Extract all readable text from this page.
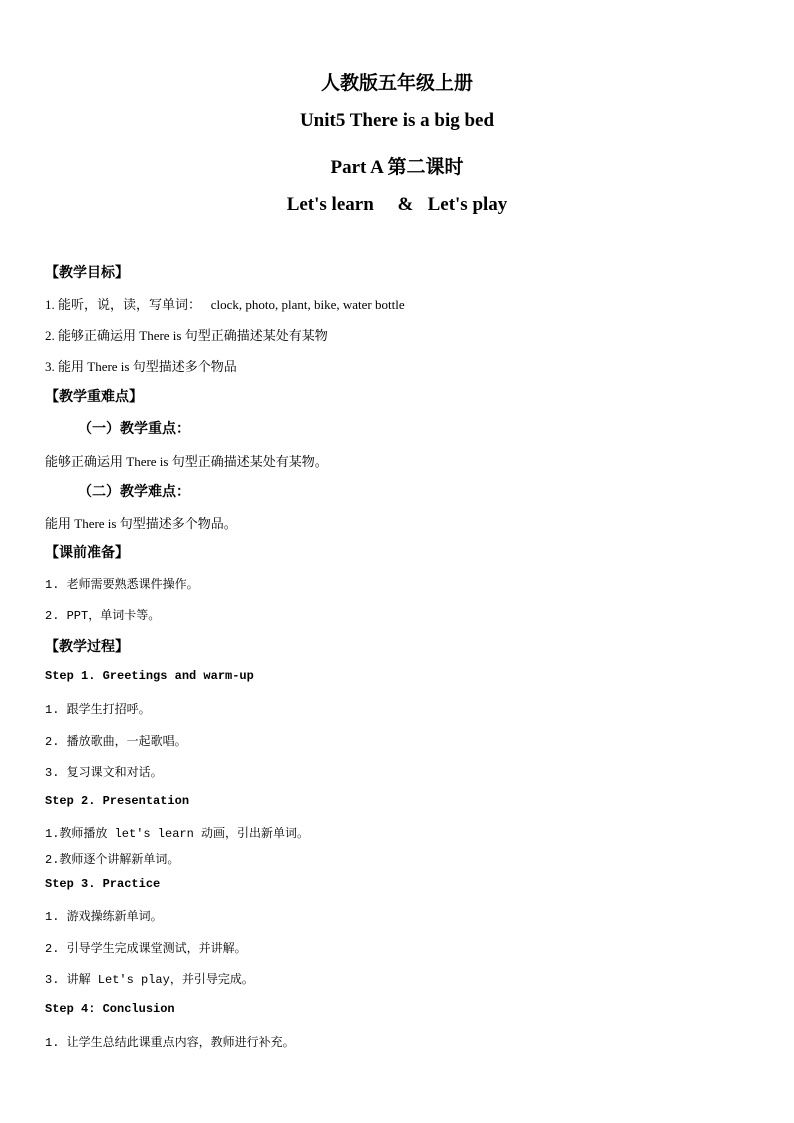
人教版五年级上册
Unit5 There is a big bed
Part A 第二课时
Let's learn     &   Let's play
【教学目标】
1. 能听，说，读，写单词：   clock, photo, plant, bike, water bottle
2. 能够正确运用 There is 句型正确描述某处有某物
3. 能用 There is 句型描述多个物品
【教学重难点】
（一）教学重点：
能够正确运用 There is 句型正确描述某处有某物。
（二）教学难点：
能用 There is 句型描述多个物品。
【课前准备】
1. 老师需要熟悉课件操作。
2. PPT，单词卡等。
【教学过程】
Step 1. Greetings and warm-up
1. 跟学生打招呼。
2. 播放歌曲，一起歌唱。
3. 复习课文和对话。
Step 2. Presentation
1.教师播放 let's learn 动画，引出新单词。
2.教师逐个讲解新单词。
Step 3. Practice
1. 游戏操练新单词。
2. 引导学生完成课堂测试，并讲解。
3. 讲解 Let's play，并引导完成。
Step 4: Conclusion
1. 让学生总结此课重点内容，教师进行补充。
